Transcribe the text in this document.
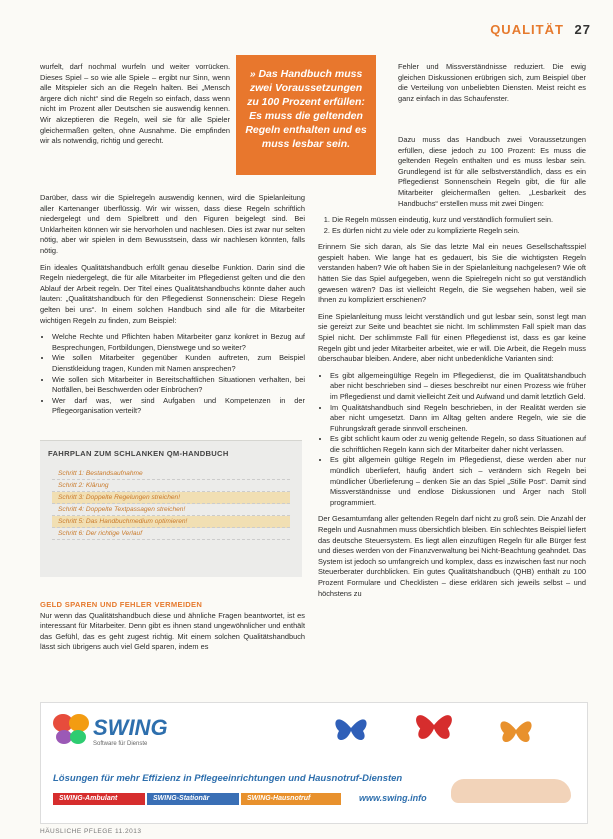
QUALITÄT 27

wurfelt, darf nochmal wurfeln und weiter vorrücken. Dieses Spiel – so wie alle Spiele – ergibt nur Sinn, wenn alle Mitspieler sich an die Regeln halten. Bei „Mensch ärgere dich nicht“ sind die Regeln so einfach, dass wenn nicht im Prozent aller Deutschen sie auswendig kennen. Wir akzeptieren die Regeln, weil sie für alle Spieler gleichermaßen gelten, ohne Ausnahme. Die empfinden wir als notwendig, richtig und gerecht.

» Das Handbuch muss zwei Voraussetzungen zu 100 Prozent erfüllen: Es muss die geltenden Regeln enthalten und es muss lesbar sein.

Darüber, dass wir die Spielregeln auswendig kennen, wird die Spielanleitung aller Kartenanger überflüssig. Wir wir wissen, dass diese Regeln schriftlich niedergelegt und dem Spielbrett und den Figuren beigelegt sind. Bei Unklarheiten können wir sie hervorholen und nachlesen. Dies ist zwar nur selten nötig, aber wir spielen in dem Bewusstsein, dass wir nachlesen könnten, falls nötig.

Ein ideales Qualitätshandbuch erfüllt genau dieselbe Funktion. Darin sind die Regeln niedergelegt, die für alle Mitarbeiter im Pflegedienst gelten und die den Ablauf der Arbeit regeln. Der Titel eines Qualitätshandbuchs könnte daher auch lauten: „Qualitätshandbuch für den Pflegedienst Sonnenschein: Diese Regeln gelten bei uns“. In einem solchen Handbuch sind alle für die Mitarbeiter wichtigen Regeln zu finden, zum Beispiel:

• Welche Rechte und Pflichten haben Mitarbeiter ganz konkret in Bezug auf Besprechungen, Fortbildungen, Dienstwege und so weiter?
• Wie sollen Mitarbeiter gegenüber Kunden auftreten, zum Beispiel Dienstkleidung tragen, Kunden mit Namen ansprechen?
• Wie sollen sich Mitarbeiter in Bereitschaftlichen Situationen verhalten, bei Notfällen, bei Beschwerden oder Einbrüchen?
• Wer darf was, wer sind Aufgaben und Kompetenzen in der Pflegeorganisation verteilt?
FAHRPLAN ZUM SCHLANKEN QM-HANDBUCH
Schritt 1: Bestandsaufnahme
Schritt 2: Klärung
Schritt 3: Doppelte Regelungen streichen!
Schritt 4: Doppelte Textpassagen streichen!
Schritt 5: Das Handbuchmedium optimieren!
Schritt 6: Der richtige Verlauf
GELD SPAREN UND FEHLER VERMEIDEN

Nur wenn das Qualitätshandbuch diese und ähnliche Fragen beantwortet, ist es interessant für Mitarbeiter. Denn gibt es ihnen stand ungewöhnlicher und enthält das Gefühl, das es geht zugest richtig. Mit einem solchen Qualitätshandbuch lässt sich übrigens auch viel Geld sparen, indem es

Fehler und Missverständnisse reduziert. Die ewig gleichen Diskussionen erübrigen sich, zum Beispiel über die Verteilung von unbeliebten Diensten. Meist reicht es ganz einfach in das Schaufenster.

Dazu muss das Handbuch zwei Voraussetzungen erfüllen, diese jedoch zu 100 Prozent: Es muss die geltenden Regeln enthalten und es muss lesbar sein. Grundlegend ist für alle selbstverständlich, dass es ein Pflegedienst Sonnenschein Regeln gibt, die für alle Mitarbeiter gleichermaßen gelten. „Lesbarkeit des Handbuchs“ erstellen muss mit zwei Dingen:

1. Die Regeln müssen eindeutig, kurz und verständlich formuliert sein.
2. Es dürfen nicht zu viele oder zu komplizierte Regeln sein.

Erinnern Sie sich daran, als Sie das letzte Mal ein neues Gesellschaftsspiel gespielt haben. Wie lange hat es gedauert, bis Sie die wichtigsten Regeln verstanden haben? Wie oft haben Sie in der Spielanleitung nachgelesen? Wie oft hätten Sie das Spiel aufgegeben, wenn die Spielregeln nicht so gut verständlich gewesen wären? Das ist vielleicht Regeln, die Sie wegsehen haben, weil sie Ihnen zu kompliziert erschienen?

Eine Spielanleitung muss leicht verständlich und gut lesbar sein, sonst legt man sie gereizt zur Seite und beachtet sie nicht. Im schlimmsten Fall spielt man das Spiel nicht. Der schlimmste Fall für einen Pflegedienst ist, dass es gar keine Regeln gibt und jeder Mitarbeiter arbeitet, wie er will. Die Arbeit, die Regeln muss überschaubar bleiben. Andere, aber nicht unbedenkliche Varianten sind:

• Es gibt allgemeingültige Regeln im Pflegedienst, die im Qualitätshandbuch aber nicht beschrieben sind – dieses beschreibt nur einen Prozess wie früher im Pflegedienst und damit vielleicht Zeit und Aufwand und damit letztlich Geld.
• Im Qualitätshandbuch sind Regeln beschrieben, in der Realität werden sie aber nicht umgesetzt. Dann im Alltag gelten andere Regeln, wie sie die Führungskraft gerade sinnvoll erscheinen.
• Es gibt schlicht kaum oder zu wenig geltende Regeln, so dass Situationen auf die schriftlichen Regeln kann sich der Mitarbeiter daher nicht verlassen.
• Es gibt allgemein gültige Regeln im Pflegedienst, diese werden aber nur mündlich überliefert, häufig ändert sich – verändern sich Regeln bei mündlicher Überlieferung – denken Sie an das Spiel „Stille Post“. Damit sind Missverständnisse und endlose Diskussionen und Ärger nach Stoll programmiert.

Der Gesamtumfang aller geltenden Regeln darf nicht zu groß sein. Die Anzahl der Regeln und Ausnahmen muss übersichtlich bleiben. Ein schlechtes Beispiel liefert das deutsche Steuersystem. Es liegt allen einzufügen Regeln für alle Bürger fest und dieses werden von der Finanzverwaltung bei Nicht-Beachtung geahndet. Das System ist jedoch so umfangreich und komplex, dass es inzwischen fast nur noch Steuerberater durchblicken. Ein gutes Qualitätshandbuch (QHB) enthält zu 100 Prozent Formulare und Checklisten – diese erklären sich jeweils selbst – und höchstens zu

SWING
Software für Dienste
Lösungen für mehr Effizienz in Pflegeeinrichtungen und Hausnotruf-Diensten
SWING-Ambulant	SWING-Stationär	SWING-Hausnotruf	www.swing.info
HÄUSLICHE PFLEGE 11.2013
